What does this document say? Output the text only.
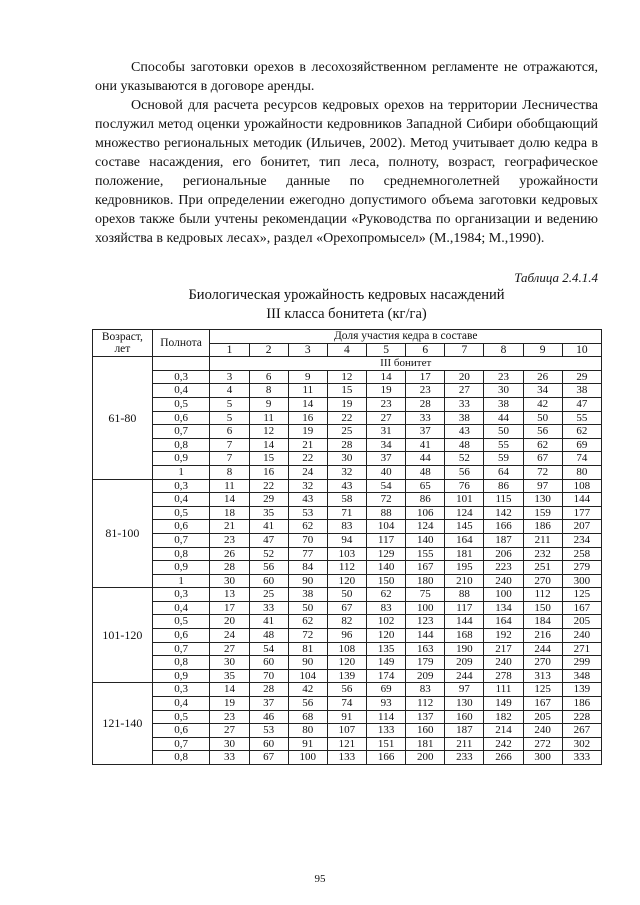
Способы заготовки орехов в лесохозяйственном регламенте не отражаются, они указываются в договоре аренды.

Основой для расчета ресурсов кедровых орехов на территории Лесничества послужил метод оценки урожайности кедровников Западной Сибири обобщающий множество региональных методик (Ильичев, 2002). Метод учитывает долю кедра в составе насаждения, его бонитет, тип леса, полноту, возраст, географическое положение, региональные данные по среднемноголетней урожайности кедровников. При определении ежегодно допустимого объема заготовки кедровых орехов также были учтены рекомендации «Руководства по организации и ведению хозяйства в кедровых лесах», раздел «Орехопромысел» (М.,1984; М.,1990).

Таблица 2.4.1.4
Биологическая урожайность кедровых насаждений
III класса бонитета (кг/га)
Возраст, лет	Полнота	Доля участия кедра в составе									
		1	2	3	4	5	6	7	8	9	10
61-80		III бонитет									
	0,3	3	6	9	12	14	17	20	23	26	29
	0,4	4	8	11	15	19	23	27	30	34	38
	0,5	5	9	14	19	23	28	33	38	42	47
	0,6	5	11	16	22	27	33	38	44	50	55
	0,7	6	12	19	25	31	37	43	50	56	62
	0,8	7	14	21	28	34	41	48	55	62	69
	0,9	7	15	22	30	37	44	52	59	67	74
	1	8	16	24	32	40	48	56	64	72	80
81-100	0,3	11	22	32	43	54	65	76	86	97	108
	0,4	14	29	43	58	72	86	101	115	130	144
	0,5	18	35	53	71	88	106	124	142	159	177
	0,6	21	41	62	83	104	124	145	166	186	207
	0,7	23	47	70	94	117	140	164	187	211	234
	0,8	26	52	77	103	129	155	181	206	232	258
	0,9	28	56	84	112	140	167	195	223	251	279
	1	30	60	90	120	150	180	210	240	270	300
101-120	0,3	13	25	38	50	62	75	88	100	112	125
	0,4	17	33	50	67	83	100	117	134	150	167
	0,5	20	41	62	82	102	123	144	164	184	205
	0,6	24	48	72	96	120	144	168	192	216	240
	0,7	27	54	81	108	135	163	190	217	244	271
	0,8	30	60	90	120	149	179	209	240	270	299
	0,9	35	70	104	139	174	209	244	278	313	348
121-140	0,3	14	28	42	56	69	83	97	111	125	139
	0,4	19	37	56	74	93	112	130	149	167	186
	0,5	23	46	68	91	114	137	160	182	205	228
	0,6	27	53	80	107	133	160	187	214	240	267
	0,7	30	60	91	121	151	181	211	242	272	302
	0,8	33	67	100	133	166	200	233	266	300	333
95
